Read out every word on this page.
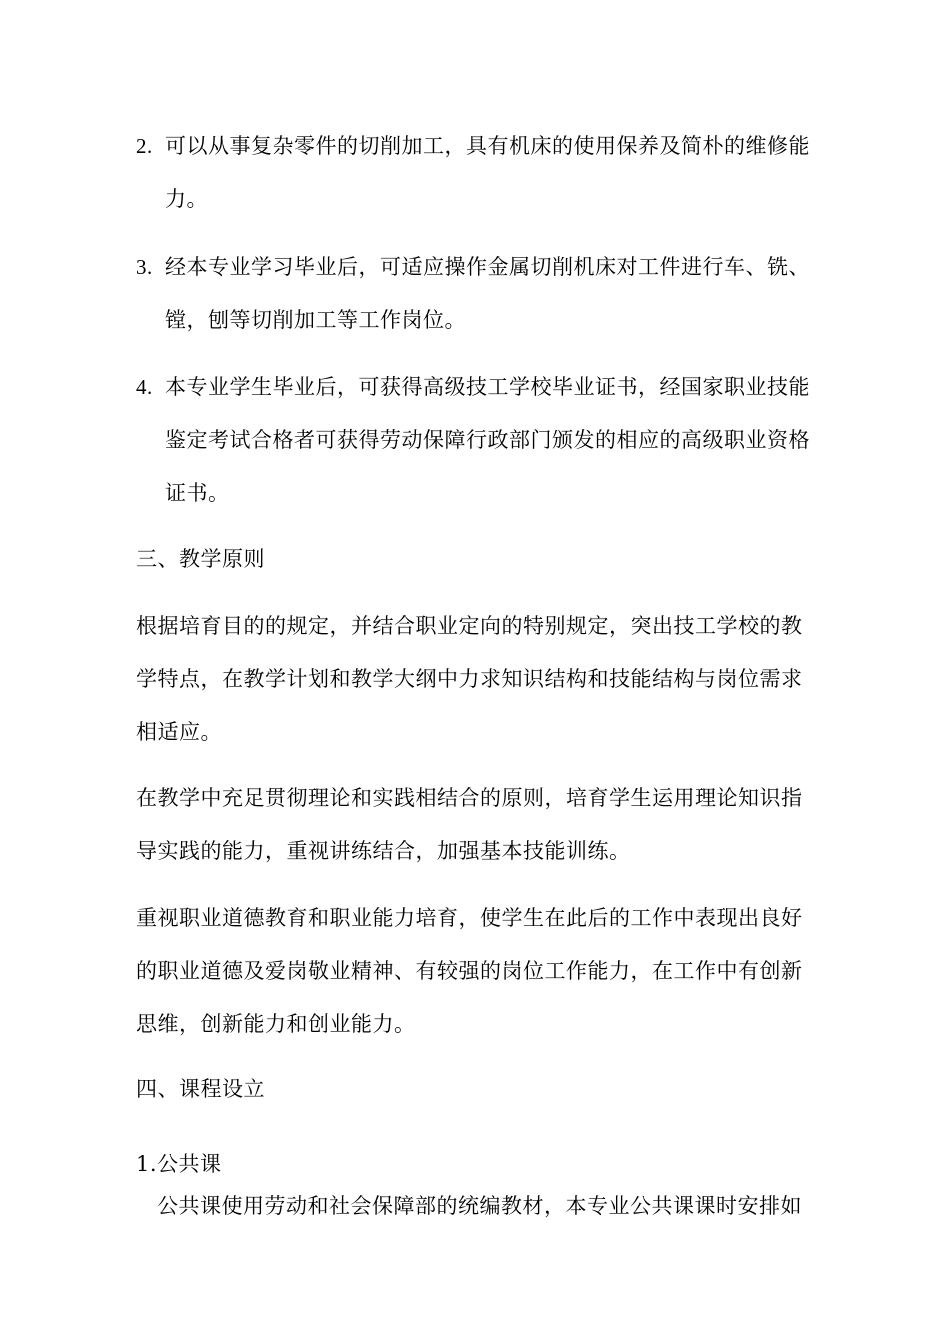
2. 可以从事复杂零件的切削加工，具有机床的使用保养及简朴的维修能力。
3. 经本专业学习毕业后，可适应操作金属切削机床对工件进行车、铣、镗，刨等切削加工等工作岗位。
4. 本专业学生毕业后，可获得高级技工学校毕业证书，经国家职业技能鉴定考试合格者可获得劳动保障行政部门颁发的相应的高级职业资格证书。
三、教学原则
根据培育目的的规定，并结合职业定向的特别规定，突出技工学校的教学特点，在教学计划和教学大纲中力求知识结构和技能结构与岗位需求相适应。
在教学中充足贯彻理论和实践相结合的原则，培育学生运用理论知识指导实践的能力，重视讲练结合，加强基本技能训练。
重视职业道德教育和职业能力培育，使学生在此后的工作中表现出良好的职业道德及爱岗敬业精神、有较强的岗位工作能力，在工作中有创新思维，创新能力和创业能力。
四、课程设立
1.公共课
公共课使用劳动和社会保障部的统编教材，本专业公共课课时安排如
